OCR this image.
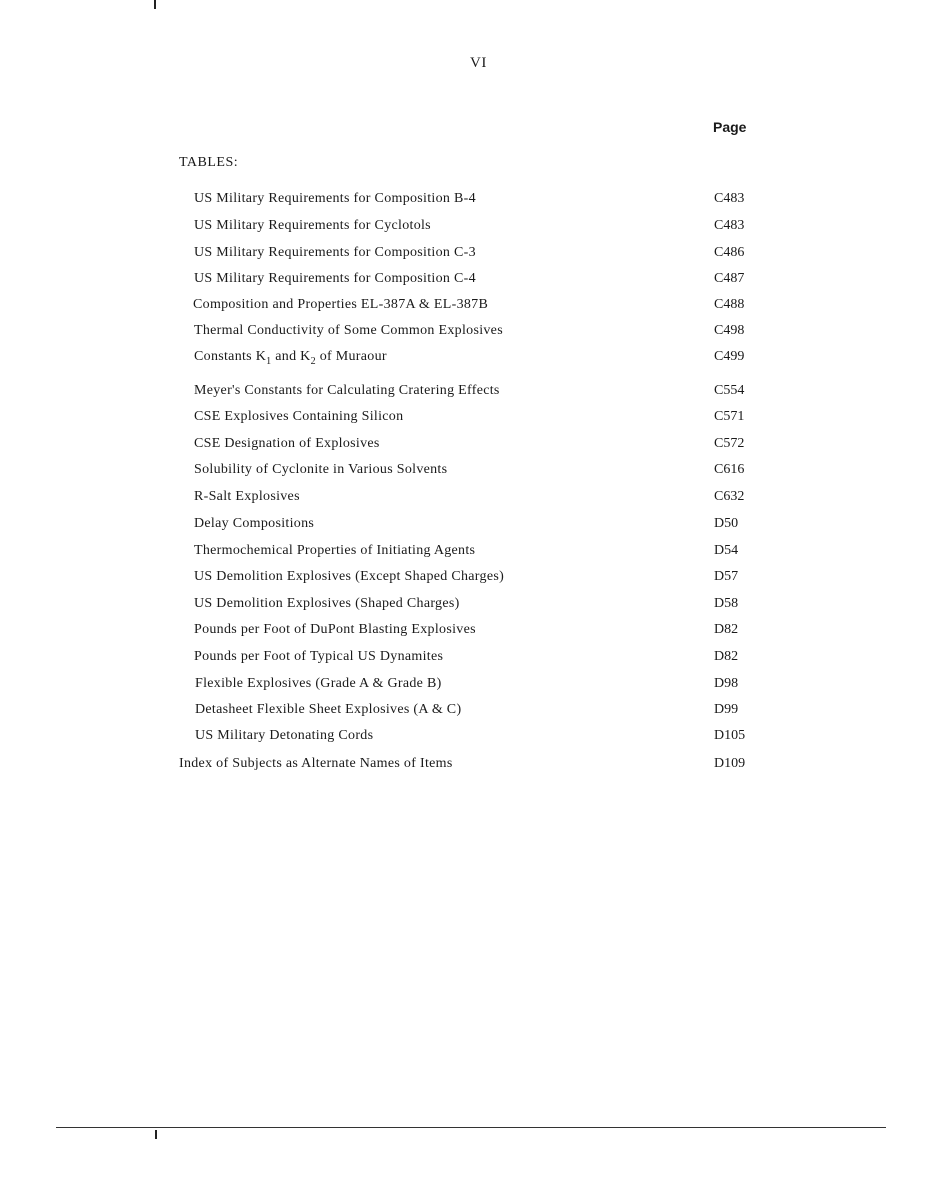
VI
Page
TABLES:
US Military Requirements for Composition B-4	C483
US Military Requirements for Cyclotols	C483
US Military Requirements for Composition C-3	C486
US Military Requirements for Composition C-4	C487
Composition and Properties EL-387A & EL-387B	C488
Thermal Conductivity of Some Common Explosives	C498
Constants $K_1$ and $K_2$ of Muraour	C499
Meyer's Constants for Calculating Cratering Effects	C554
CSE Explosives Containing Silicon	C571
CSE Designation of Explosives	C572
Solubility of Cyclonite in Various Solvents	C616
R-Salt Explosives	C632
Delay Compositions	D50
Thermochemical Properties of Initiating Agents	D54
US Demolition Explosives (Except Shaped Charges)	D57
US Demolition Explosives (Shaped Charges)	D58
Pounds per Foot of DuPont Blasting Explosives	D82
Pounds per Foot of Typical US Dynamites	D82
Flexible Explosives (Grade A & Grade B)	D98
Detasheet Flexible Sheet Explosives (A & C)	D99
US Military Detonating Cords	D105
Index of Subjects as Alternate Names of Items	D109
